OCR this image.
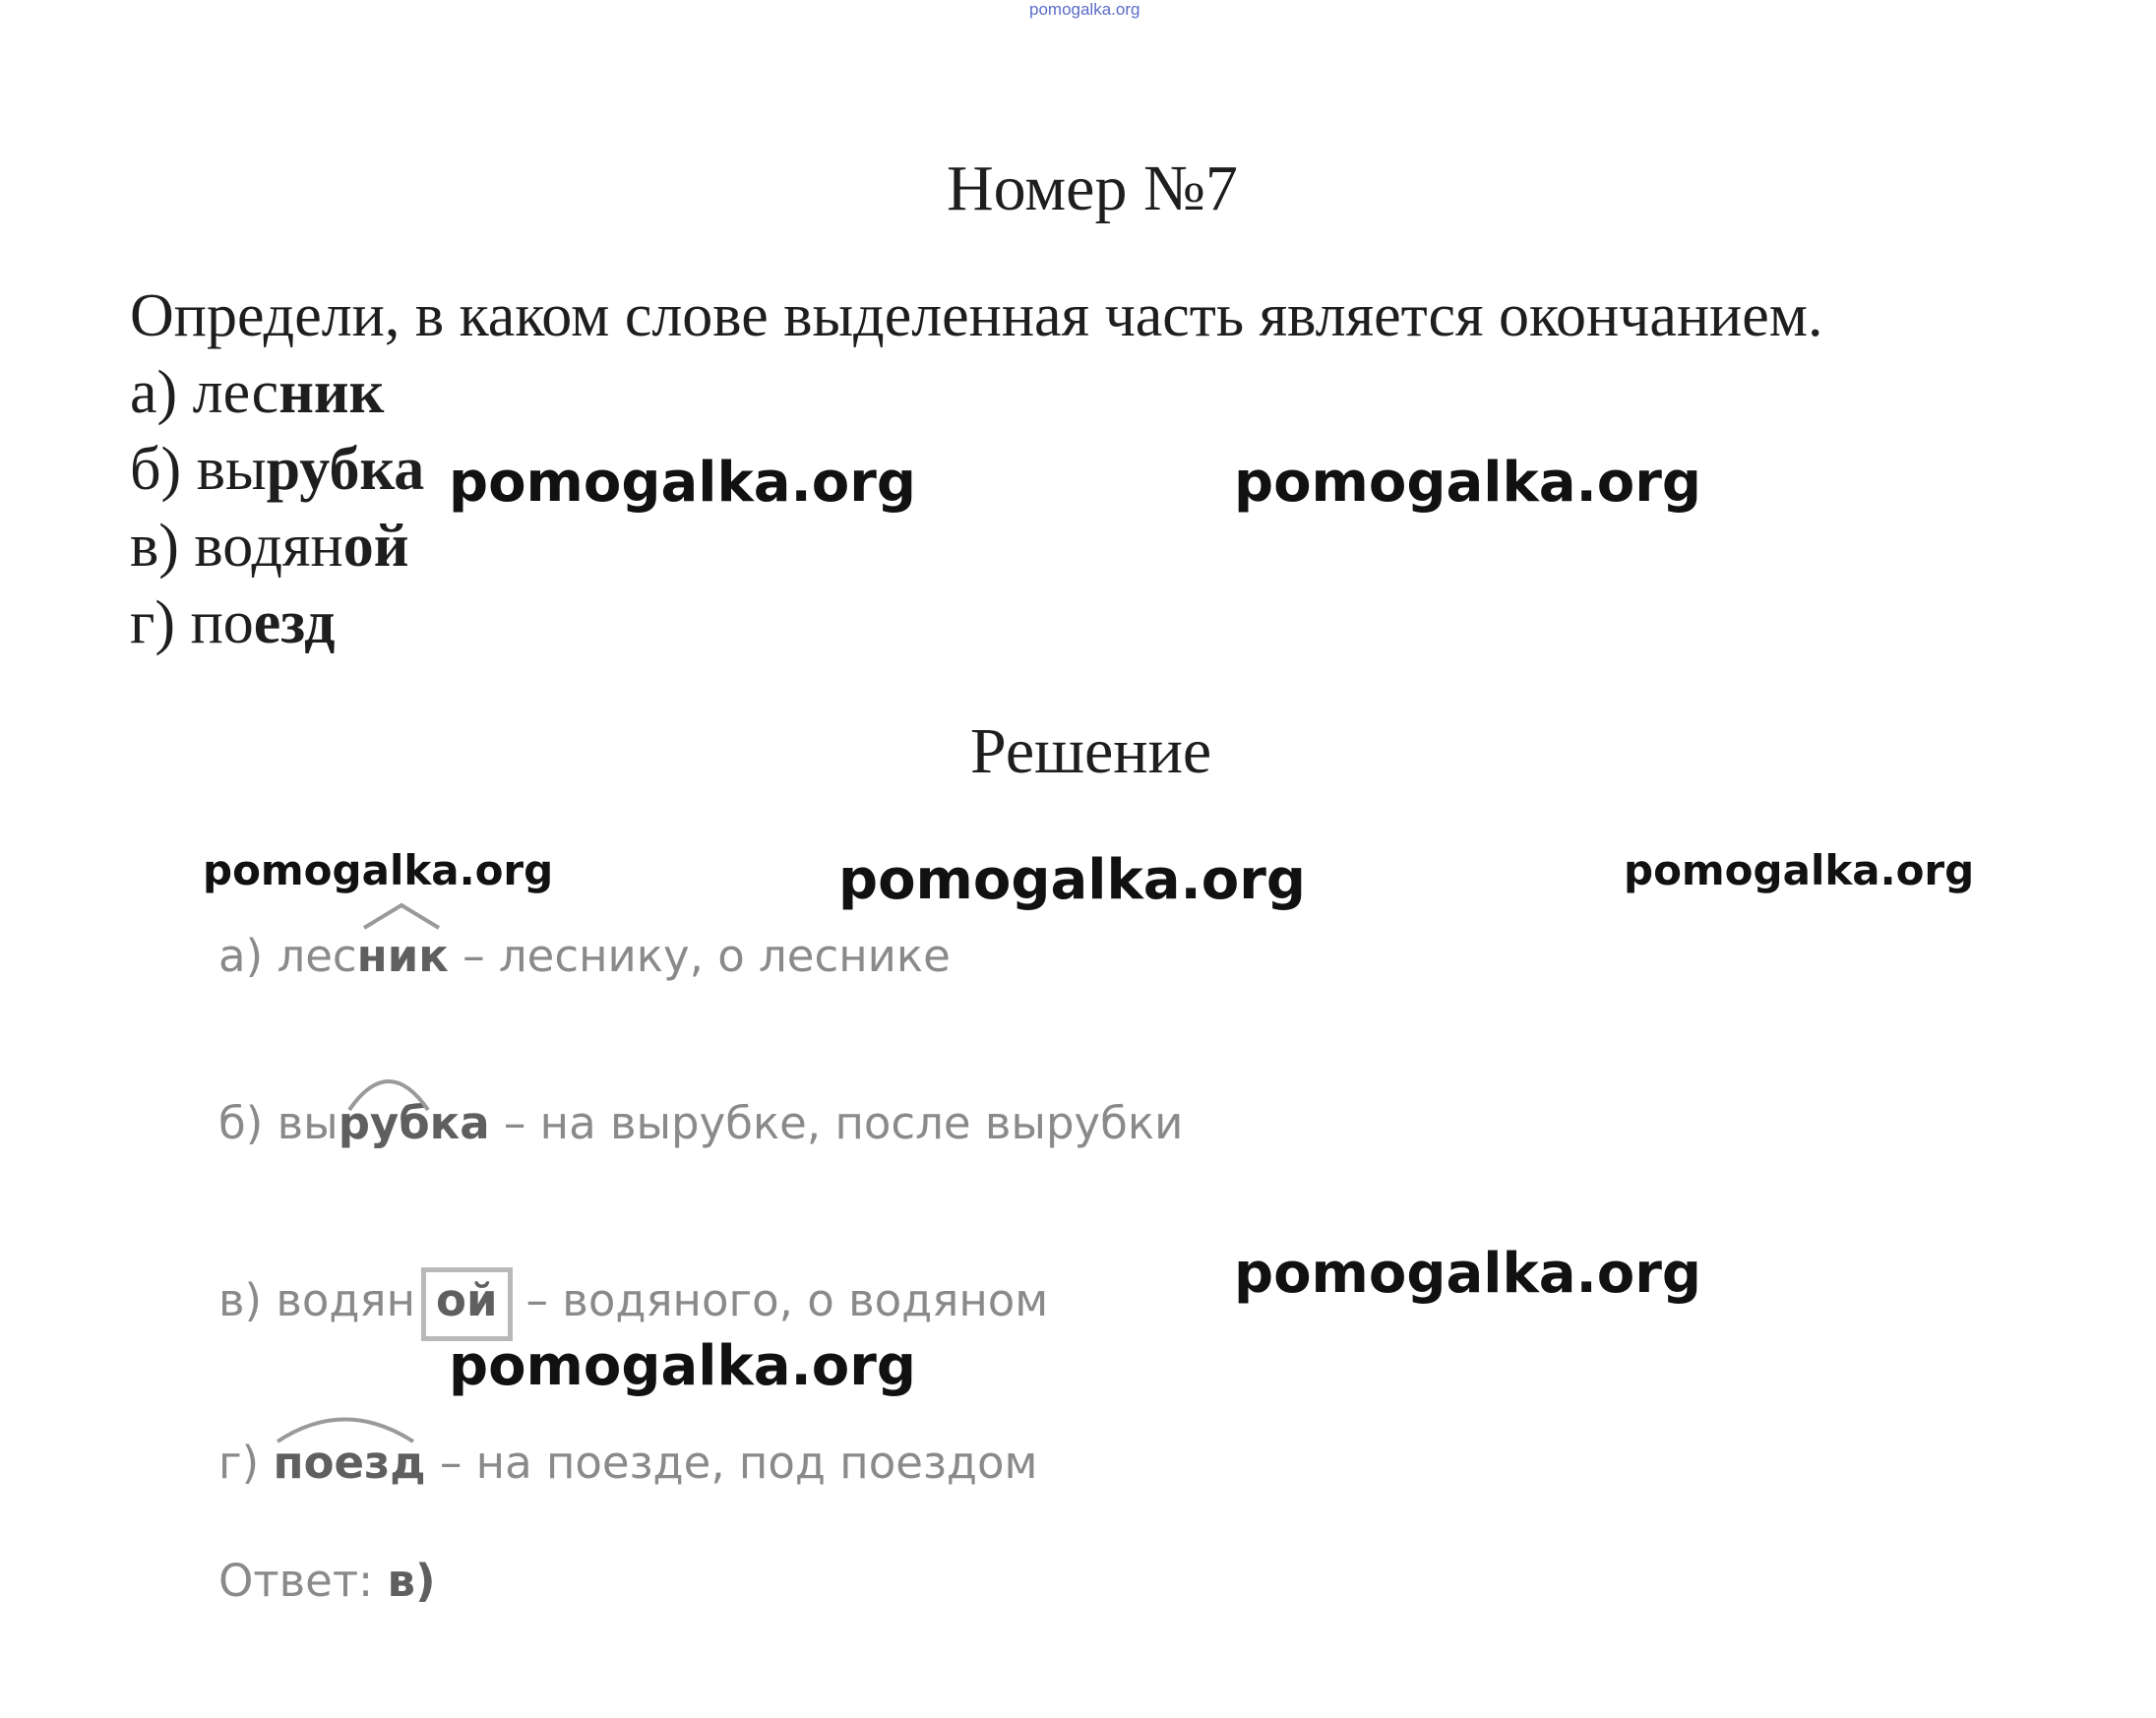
pomogalka.org
Номер №7
Определи, в каком слове выделенная часть является окончанием.
а) лесник
б) вырубка
в) водяной
г) поезд
Решение
а) лесник – леснику, о леснике
б) вырубка – на вырубке, после вырубки
в) водян ой – водяного, о водяном
г) поезд – на поезде, под поездом
Ответ: в)
pomogalka.org	pomogalka.org
pomogalka.org	pomogalka.org	pomogalka.org
pomogalka.org
pomogalka.org
